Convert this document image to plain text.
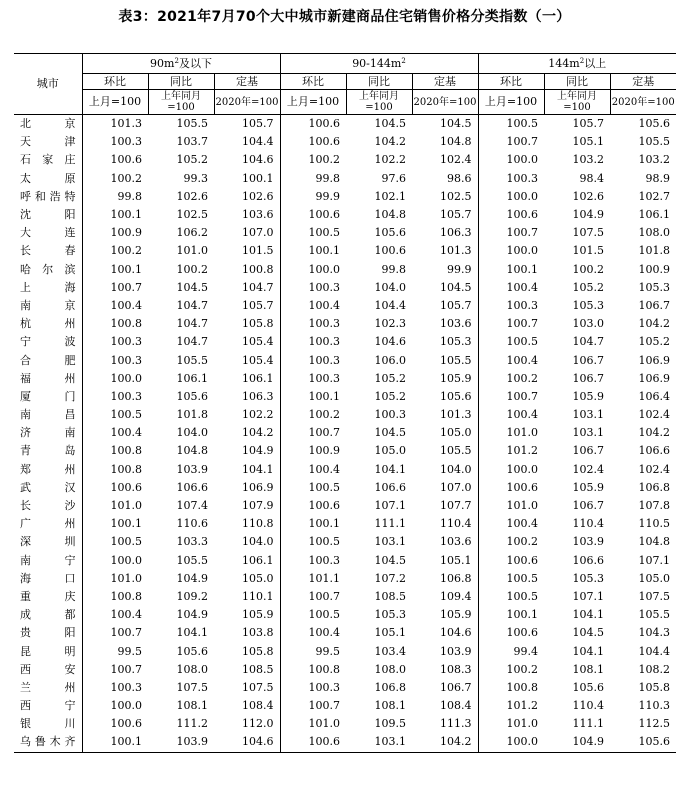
表3：2021年7月70个大中城市新建商品住宅销售价格分类指数（一）
城市	$90m^2$及以下			$90-144m^2$			$144m^2$以上		
	环比	同比	定基	环比	同比	定基	环比	同比	定基
	上月=100	上年同月=100	2020年=100	上月=100	上年同月=100	2020年=100	上月=100	上年同月=100	2020年=100
北京	101.3	105.5	105.7	100.6	104.5	104.5	100.5	105.7	105.6
天津	100.3	103.7	104.4	100.6	104.2	104.8	100.7	105.1	105.5
石家庄	100.6	105.2	104.6	100.2	102.2	102.4	100.0	103.2	103.2
太原	100.2	99.3	100.1	99.8	97.6	98.6	100.3	98.4	98.9
呼和浩特	99.8	102.6	102.6	99.9	102.1	102.5	100.0	102.6	102.7
沈阳	100.1	102.5	103.6	100.6	104.8	105.7	100.6	104.9	106.1
大连	100.9	106.2	107.0	100.5	105.6	106.3	100.7	107.5	108.0
长春	100.2	101.0	101.5	100.1	100.6	101.3	100.0	101.5	101.8
哈尔滨	100.1	100.2	100.8	100.0	99.8	99.9	100.1	100.2	100.9
上海	100.7	104.5	104.7	100.3	104.0	104.5	100.4	105.2	105.3
南京	100.4	104.7	105.7	100.4	104.4	105.7	100.3	105.3	106.7
杭州	100.8	104.7	105.8	100.3	102.3	103.6	100.7	103.0	104.2
宁波	100.3	104.7	105.4	100.3	104.6	105.3	100.5	104.7	105.2
合肥	100.3	105.5	105.4	100.3	106.0	105.5	100.4	106.7	106.9
福州	100.0	106.1	106.1	100.3	105.2	105.9	100.2	106.7	106.9
厦门	100.3	105.6	106.3	100.1	105.2	105.6	100.7	105.9	106.4
南昌	100.5	101.8	102.2	100.2	100.3	101.3	100.4	103.1	102.4
济南	100.4	104.0	104.2	100.7	104.5	105.0	101.0	103.1	104.2
青岛	100.8	104.8	104.9	100.9	105.0	105.5	101.2	106.7	106.6
郑州	100.8	103.9	104.1	100.4	104.1	104.0	100.0	102.4	102.4
武汉	100.6	106.6	106.9	100.5	106.6	107.0	100.6	105.9	106.8
长沙	101.0	107.4	107.9	100.6	107.1	107.7	101.0	106.7	107.8
广州	100.1	110.6	110.8	100.1	111.1	110.4	100.4	110.4	110.5
深圳	100.5	103.3	104.0	100.5	103.1	103.6	100.2	103.9	104.8
南宁	100.0	105.5	106.1	100.3	104.5	105.1	100.6	106.6	107.1
海口	101.0	104.9	105.0	101.1	107.2	106.8	100.5	105.3	105.0
重庆	100.8	109.2	110.1	100.7	108.5	109.4	100.5	107.1	107.5
成都	100.4	104.9	105.9	100.5	105.3	105.9	100.1	104.1	105.5
贵阳	100.7	104.1	103.8	100.4	105.1	104.6	100.6	104.5	104.3
昆明	99.5	105.6	105.8	99.5	103.4	103.9	99.4	104.1	104.4
西安	100.7	108.0	108.5	100.8	108.0	108.3	100.2	108.1	108.2
兰州	100.3	107.5	107.5	100.3	106.8	106.7	100.8	105.6	105.8
西宁	100.0	108.1	108.4	100.7	108.1	108.4	101.2	110.4	110.3
银川	100.6	111.2	112.0	101.0	109.5	111.3	101.0	111.1	112.5
乌鲁木齐	100.1	103.9	104.6	100.6	103.1	104.2	100.0	104.9	105.6
